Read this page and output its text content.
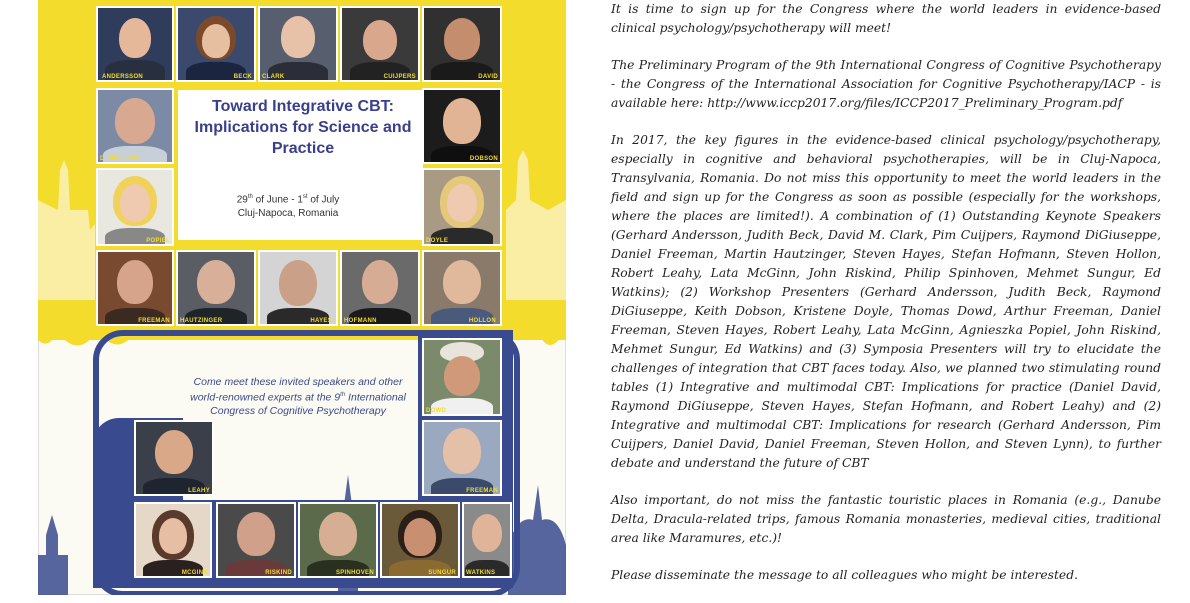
Toward Integrative CBT: Implications for Science and Practice
29th of June - 1st of July
Cluj-Napoca, Romania
Come meet these invited speakers and other world-renowned experts at the 9th International Congress of Cognitive Psychotherapy
ANDERSSON	BECK CLARK	CUIJPERS	DAVID
DIGIUSEPPE
POPIEL
DOBSON
DOYLE
FREEMAN HAUTZINGER	HAYES HOFMANN	HOLLON
DOWD
FREEMAN
LEAHY
MCGINN	RISKIND	SPINHOVEN	SUNGUR WATKINS

It is time to sign up for the Congress where the world leaders in evidence-based clinical psychology/psychotherapy will meet!

The Preliminary Program of the 9th International Congress of Cognitive Psychotherapy - the Congress of the International Association for Cognitive Psychotherapy/IACP - is available here: http://www.iccp2017.org/files/ICCP2017_Preliminary_Program.pdf

In 2017, the key figures in the evidence-based clinical psychology/psychotherapy, especially in cognitive and behavioral psychotherapies, will be in Cluj-Napoca, Transylvania, Romania. Do not miss this opportunity to meet the world leaders in the field and sign up for the Congress as soon as possible (especially for the workshops, where the places are limited!). A combination of (1) Outstanding Keynote Speakers (Gerhard Andersson, Judith Beck, David M. Clark, Pim Cuijpers, Raymond DiGiuseppe, Daniel Freeman, Martin Hautzinger, Steven Hayes, Stefan Hofmann, Steven Hollon, Robert Leahy, Lata McGinn, John Riskind, Philip Spinhoven, Mehmet Sungur, Ed Watkins); (2) Workshop Presenters (Gerhard Andersson, Judith Beck, Raymond DiGiuseppe, Keith Dobson, Kristene Doyle, Thomas Dowd, Arthur Freeman, Daniel Freeman, Steven Hayes, Robert Leahy, Lata McGinn, Agnieszka Popiel, John Riskind, Mehmet Sungur, Ed Watkins) and (3) Symposia Presenters will try to elucidate the challenges of integration that CBT faces today. Also, we planned two stimulating round tables (1) Integrative and multimodal CBT: Implications for practice (Daniel David, Raymond DiGiuseppe, Steven Hayes, Stefan Hofmann, and Robert Leahy) and (2) Integrative and multimodal CBT: Implications for research (Gerhard Andersson, Pim Cuijpers, Daniel David, Daniel Freeman, Steven Hollon, and Steven Lynn), to further debate and understand the future of CBT

Also important, do not miss the fantastic touristic places in Romania (e.g., Danube Delta, Dracula-related trips, famous Romania monasteries, medieval cities, traditional area like Maramures, etc.)!

Please disseminate the message to all colleagues who might be interested.
